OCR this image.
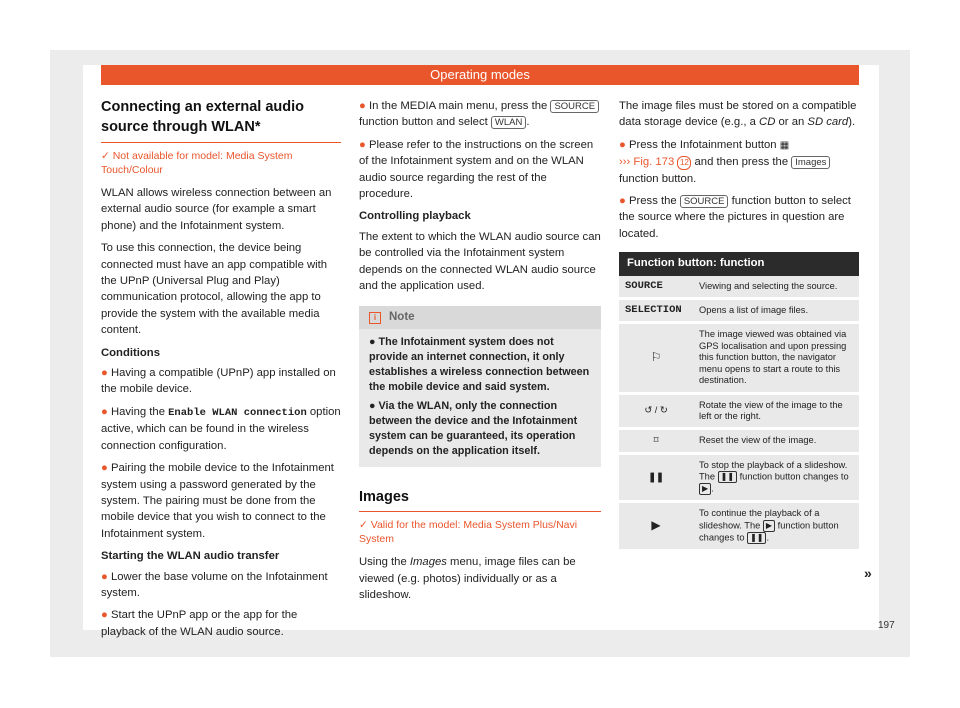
Operating modes
Connecting an external audio source through WLAN*
✓ Not available for model: Media System Touch/Colour

WLAN allows wireless connection between an external audio source (for example a smart phone) and the Infotainment system.

To use this connection, the device being connected must have an app compatible with the UPnP (Universal Plug and Play) communication protocol, allowing the app to provide the system with the available media content.

Conditions

● Having a compatible (UPnP) app installed on the mobile device.

● Having the Enable WLAN connection option active, which can be found in the wireless connection configuration.

● Pairing the mobile device to the Infotainment system using a password generated by the system. The pairing must be done from the mobile device that you wish to connect to the Infotainment system.

Starting the WLAN audio transfer

● Lower the base volume on the Infotainment system.

● Start the UPnP app or the app for the playback of the WLAN audio source.

● In the MEDIA main menu, press the SOURCE function button and select WLAN .

● Please refer to the instructions on the screen of the Infotainment system and on the WLAN audio source regarding the rest of the procedure.

Controlling playback

The extent to which the WLAN audio source can be controlled via the Infotainment system depends on the connected WLAN audio source and the application used.

i Note

● The Infotainment system does not provide an internet connection, it only establishes a wireless connection between the mobile device and said system.

● Via the WLAN, only the connection between the device and the Infotainment system can be guaranteed, its operation depends on the application itself.

Images
✓ Valid for the model: Media System Plus/Navi System

Using the Images menu, image files can be viewed (e.g. photos) individually or as a slideshow.

The image files must be stored on a compatible data storage device (e.g., a CD or an SD card).

● Press the Infotainment button ▦
››› Fig. 173 12 and then press the Images function button.

● Press the SOURCE function button to select the source where the pictures in question are located.

Function button: function	
SOURCE	Viewing and selecting the source.
SELECTION	Opens a list of image files.
⚐	The image viewed was obtained via GPS localisation and upon pressing this function button, the navigator menu opens to start a route to this destination.
↺ / ↻	Rotate the view of the image to the left or the right.
⌑	Reset the view of the image.
❚❚	To stop the playback of a slideshow. The ❚❚ function button changes to ▶ .
▶	To continue the playback of a slideshow. The ▶ function button changes to ❚❚ .
»
197
